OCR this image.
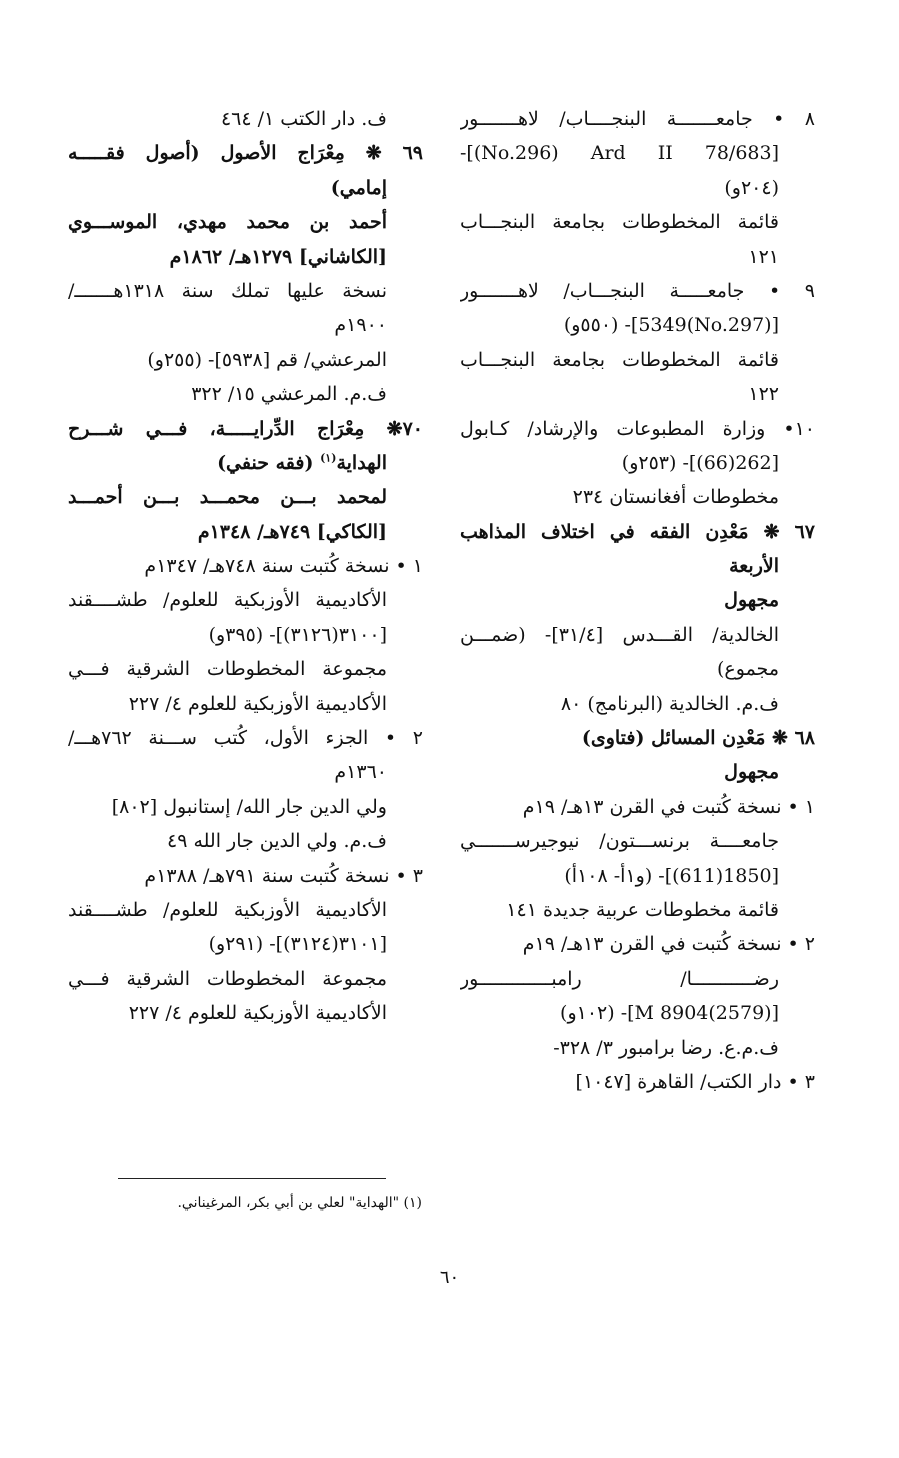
٨ • جامعـــــــة البنجــــاب/ لاهـــــــور
‎-[(No.296) Ard II 78/683]
(٢٠٤و)
قائمة المخطوطات بجامعة البنجـــاب
١٢١
٩ • جامعـــــة البنجـــاب/ لاهـــــــور
[(No.297)5349]- (٥٥٠و)
قائمة المخطوطات بجامعة البنجـــاب
١٢٢
١٠• وزارة المطبوعات والإرشاد/ كـابول
[262(66)]- (٢٥٣و)
مخطوطات أفغانستان ٢٣٤
٦٧ ❋ مَعْدِن الفقه في اختلاف المذاهب
الأربعة
مجهول
الخالدية/ القـــدس [٣١/٤]- (ضمـــن
مجموع)
ف.م. الخالدية (البرنامج) ٨٠
٦٨ ❋ مَعْدِن المسائل (فتاوى)
مجهول
١ • نسخة كُتبت في القرن ١٣هـ/ ١٩م
جامعــــة برنســـتون/ نيوجيرســـــــي
[1850(611)]- (و١أ- ١٠٨أ)
قائمة مخطوطات عربية جديدة ١٤١
٢ • نسخة كُتبت في القرن ١٣هـ/ ١٩م
رضـــــــــــا/ رامبـــــــــــــور
[M 8904(2579)]- (١٠٢و)
ف.م.ع. رضا برامبور ٣/ ٣٢٨-
٣ • دار الكتب/ القاهرة [١٠٤٧]
ف. دار الكتب ١/ ٤٦٤
٦٩ ❋ مِعْرَاج الأصول (أصول فقـــــه
إمامي)
أحمد بن محمد مهدي، الموســـوي
[الكاشاني] ١٢٧٩هـ/ ١٨٦٢م
نسخة عليها تملك سنة ١٣١٨هـــــــ/
١٩٠٠م
المرعشي/ قم [٥٩٣٨]- (٢٥٥و)
ف.م. المرعشي ١٥/ ٣٢٢
٧٠❋ مِعْرَاج الدِّرايـــــة، فـــي شـــرح
الهداية$^{(١)}$ (فقه حنفي)
لمحمد بـــن محمـــد بـــن أحمـــد
[الكاكي] ٧٤٩هـ/ ١٣٤٨م
١ • نسخة كُتبت سنة ٧٤٨هـ/ ١٣٤٧م
الأكاديمية الأوزبكية للعلوم/ طشــــقند
[٣١٠٠(٣١٢٦)]- (٣٩٥و)
مجموعة المخطوطات الشرقية فـــي
الأكاديمية الأوزبكية للعلوم ٤/ ٢٢٧
٢ • الجزء الأول، كُتب ســـنة ٧٦٢هـــ/
١٣٦٠م
ولي الدين جار الله/ إستانبول [٨٠٢]
ف.م. ولي الدين جار الله ٤٩
٣ • نسخة كُتبت سنة ٧٩١هـ/ ١٣٨٨م
الأكاديمية الأوزبكية للعلوم/ طشــــقند
[٣١٠١(٣١٢٤)]- (٢٩١و)
مجموعة المخطوطات الشرقية فـــي
الأكاديمية الأوزبكية للعلوم ٤/ ٢٢٧
(١) "الهداية" لعلي بن أبي بكر، المرغيناني.
٦٠
